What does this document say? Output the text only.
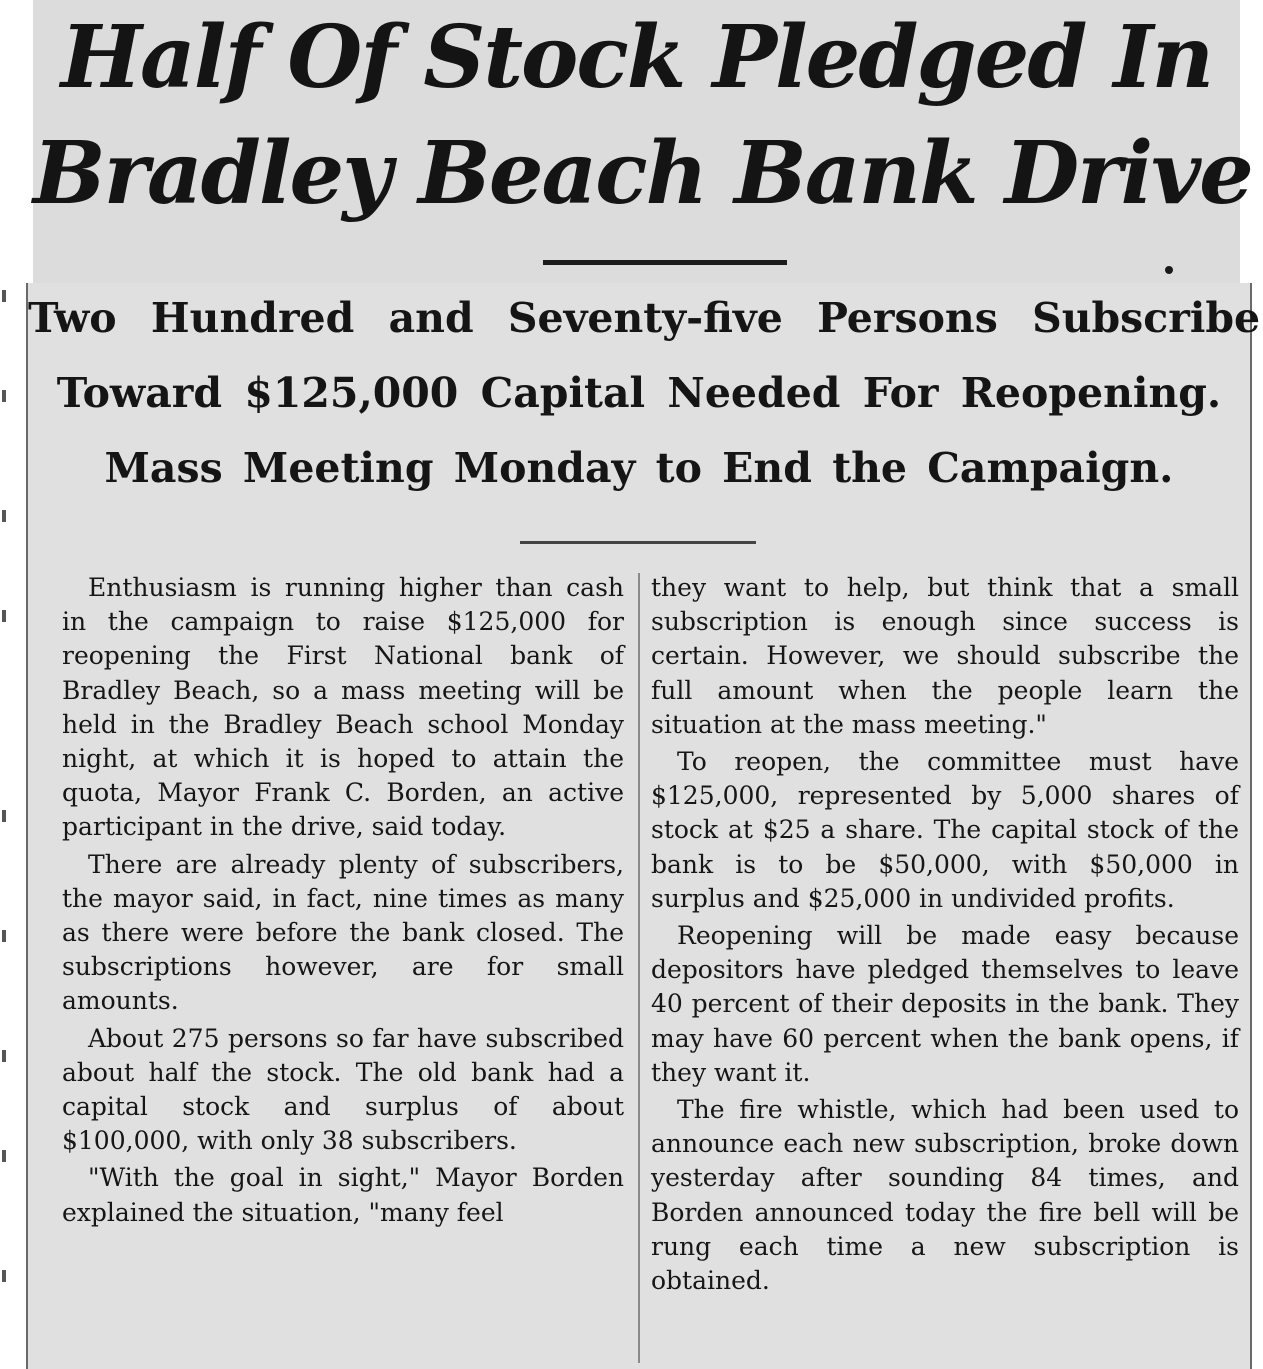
Half Of Stock Pledged In
Bradley Beach Bank Drive
Two Hundred and Seventy-five Persons Subscribe
Toward $125,000 Capital Needed For Reopening.
Mass Meeting Monday to End the Campaign.

Enthusiasm is running higher than cash in the campaign to raise $125,000 for reopening the First National bank of Bradley Beach, so a mass meeting will be held in the Bradley Beach school Monday night, at which it is hoped to attain the quota, Mayor Frank C. Borden, an active participant in the drive, said today.

There are already plenty of subscribers, the mayor said, in fact, nine times as many as there were before the bank closed. The subscriptions however, are for small amounts.

About 275 persons so far have subscribed about half the stock. The old bank had a capital stock and surplus of about $100,000, with only 38 subscribers.

"With the goal in sight," Mayor Borden explained the situation, "many feel

they want to help, but think that a small subscription is enough since success is certain. However, we should subscribe the full amount when the people learn the situation at the mass meeting."

To reopen, the committee must have $125,000, represented by 5,000 shares of stock at $25 a share. The capital stock of the bank is to be $50,000, with $50,000 in surplus and $25,000 in undivided profits.

Reopening will be made easy because depositors have pledged themselves to leave 40 percent of their deposits in the bank. They may have 60 percent when the bank opens, if they want it.

The fire whistle, which had been used to announce each new subscription, broke down yesterday after sounding 84 times, and Borden announced today the fire bell will be rung each time a new subscription is obtained.
